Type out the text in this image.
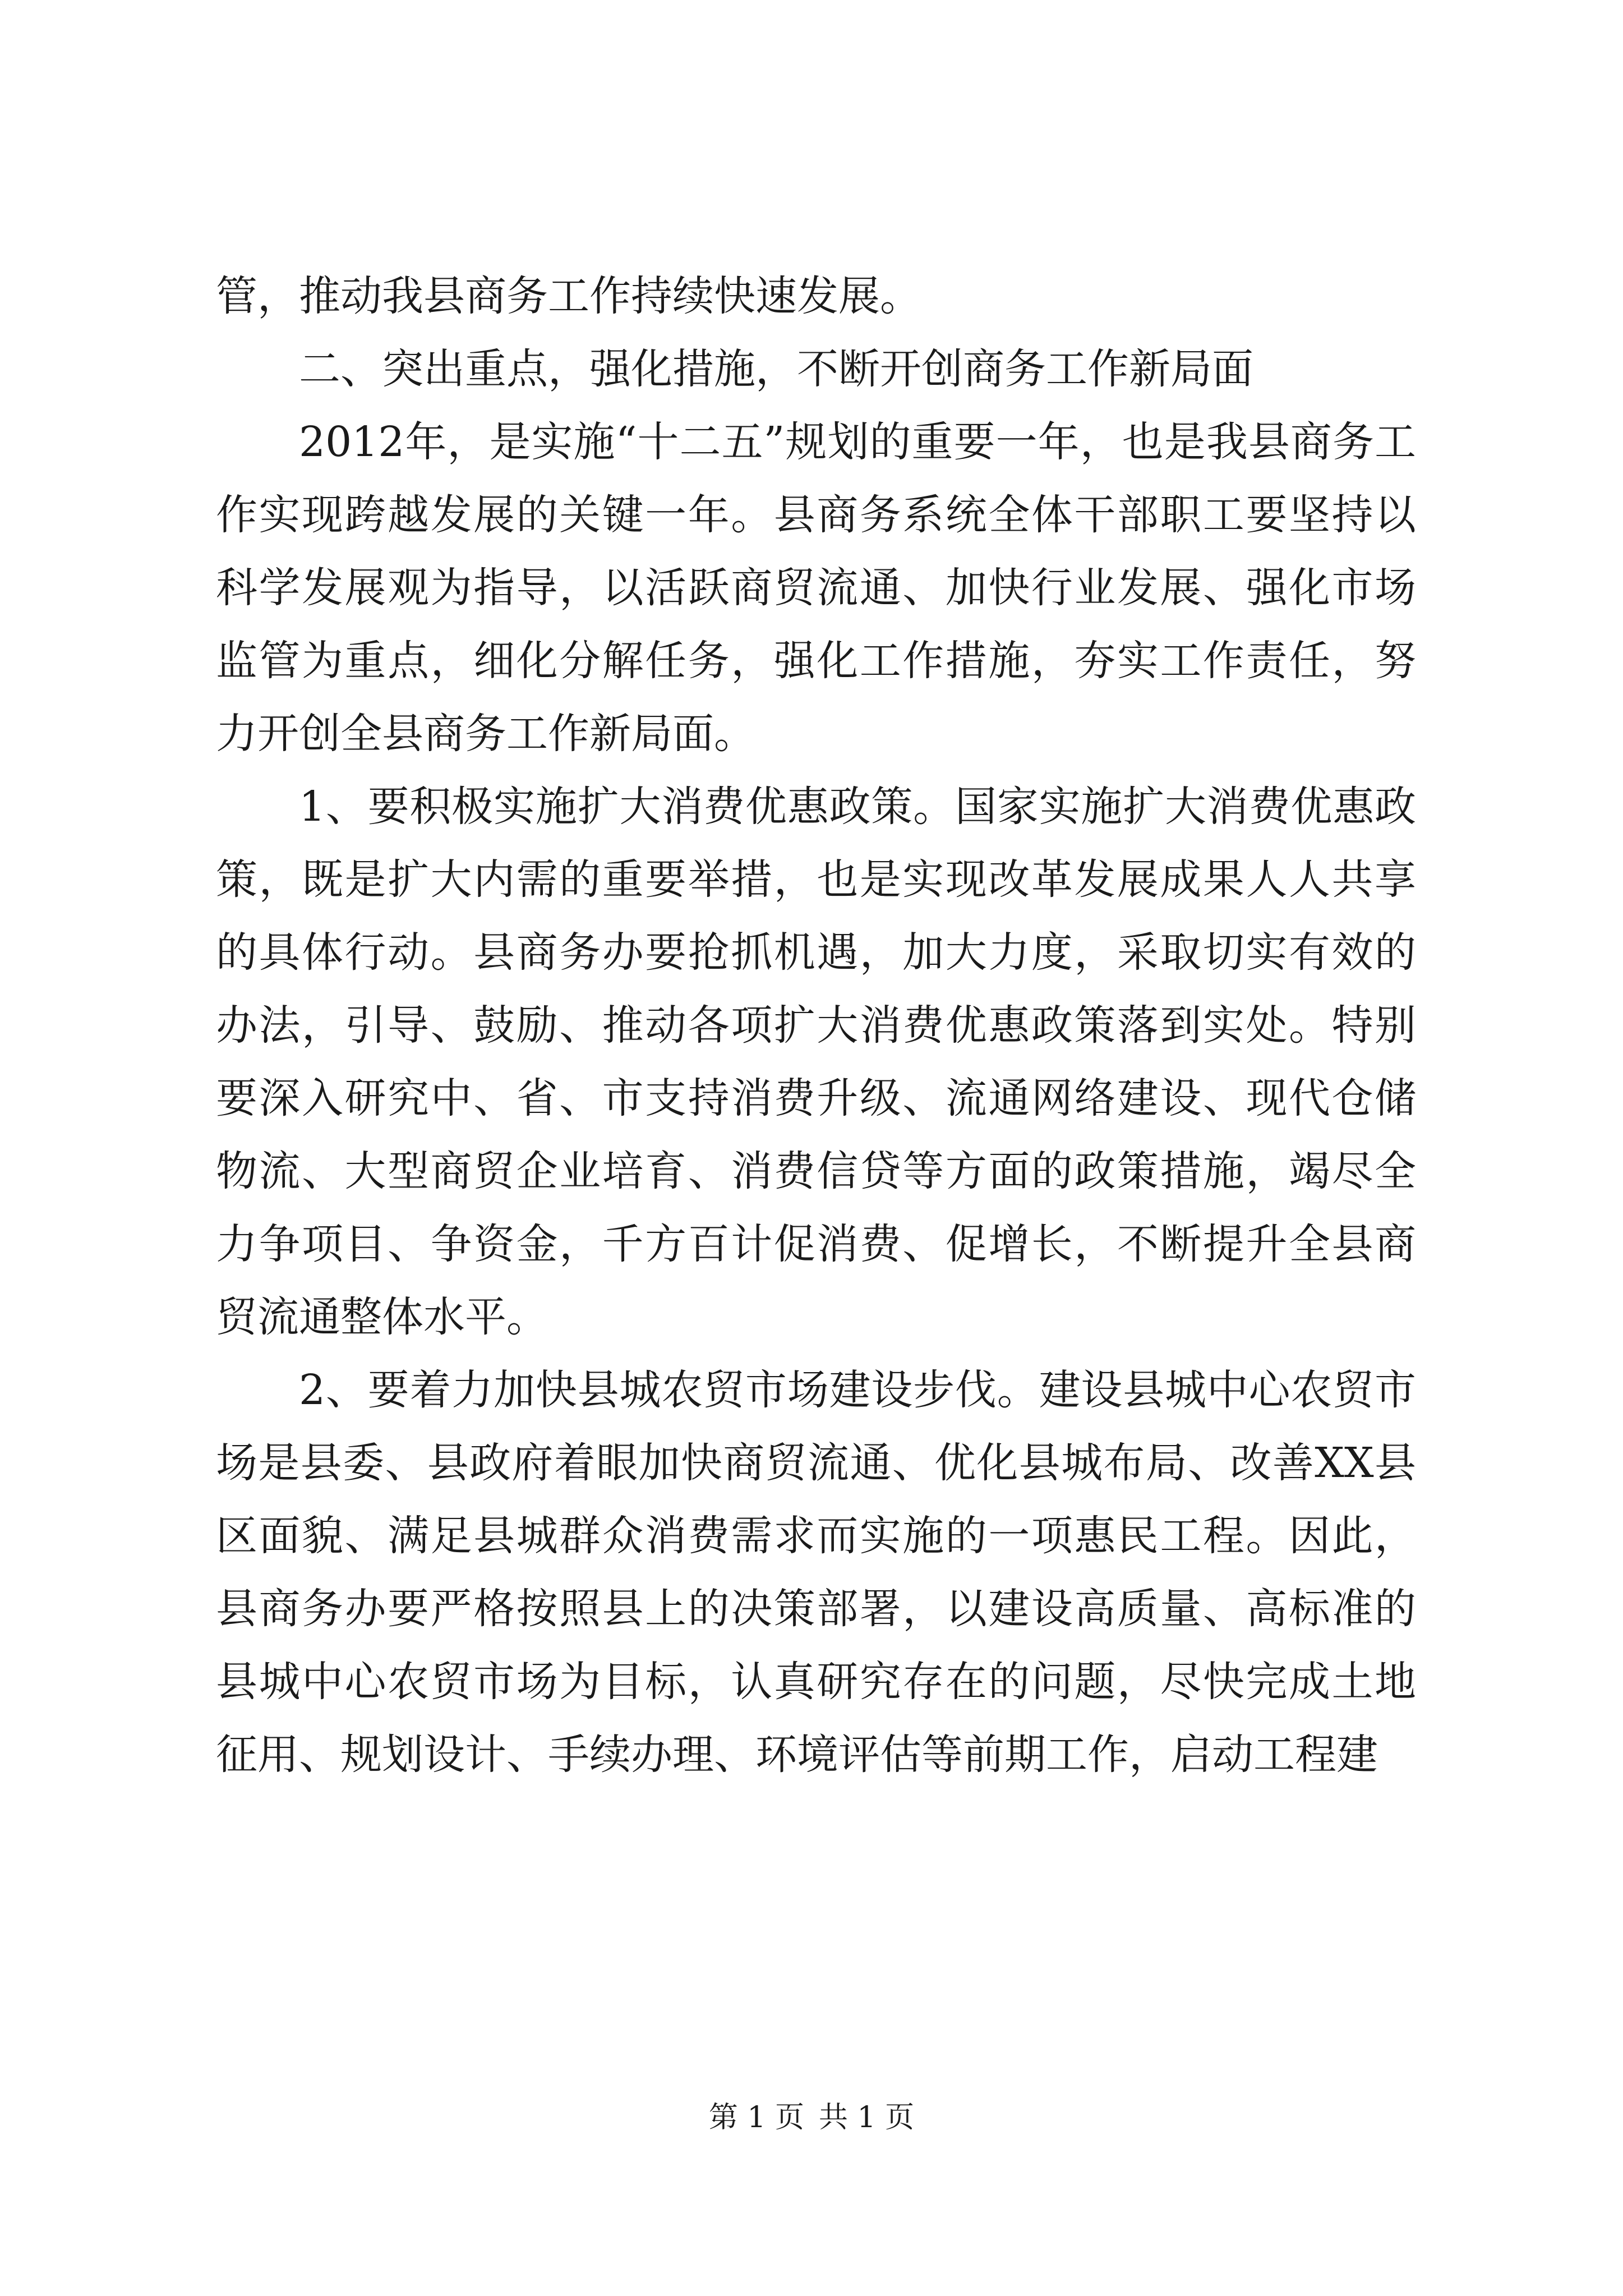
管，推动我县商务工作持续快速发展。

二、突出重点，强化措施，不断开创商务工作新局面

2012年，是实施“十二五”规划的重要一年，也是我县商务工作实现跨越发展的关键一年。县商务系统全体干部职工要坚持以科学发展观为指导，以活跃商贸流通、加快行业发展、强化市场监管为重点，细化分解任务，强化工作措施，夯实工作责任，努力开创全县商务工作新局面。

1、要积极实施扩大消费优惠政策。国家实施扩大消费优惠政策，既是扩大内需的重要举措，也是实现改革发展成果人人共享的具体行动。县商务办要抢抓机遇，加大力度，采取切实有效的办法，引导、鼓励、推动各项扩大消费优惠政策落到实处。特别要深入研究中、省、市支持消费升级、流通网络建设、现代仓储物流、大型商贸企业培育、消费信贷等方面的政策措施，竭尽全力争项目、争资金，千方百计促消费、促增长，不断提升全县商贸流通整体水平。

2、要着力加快县城农贸市场建设步伐。建设县城中心农贸市场是县委、县政府着眼加快商贸流通、优化县城布局、改善XX县区面貌、满足县城群众消费需求而实施的一项惠民工程。因此，县商务办要严格按照县上的决策部署，以建设高质量、高标准的县城中心农贸市场为目标，认真研究存在的问题，尽快完成土地征用、规划设计、手续办理、环境评估等前期工作，启动工程建

第 1 页 共 1 页
